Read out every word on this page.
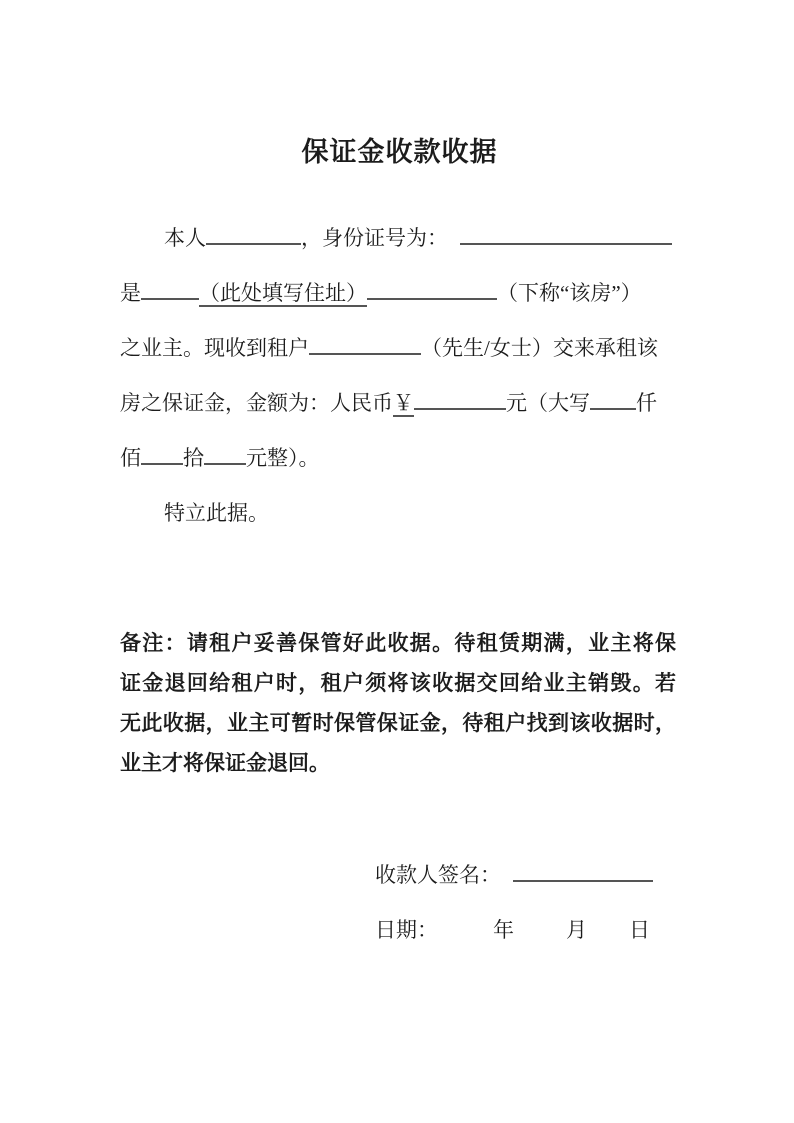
保证金收款收据
本人	，身份证号为：
是	（此处填写住址）	（下称“该房”）
之业主。现收到租户	（先生/女士）交来承租该
房之保证金，金额为：人民币￥	元（大写 仟
佰 拾 元整）。
特立此据。
备注：请租户妥善保管好此收据。待租赁期满，业主将保
证金退回给租户时，租户须将该收据交回给业主销毁。若
无此收据，业主可暂时保管保证金，待租户找到该收据时，
业主才将保证金退回。
收款人签名：
日期：	年 月 日
